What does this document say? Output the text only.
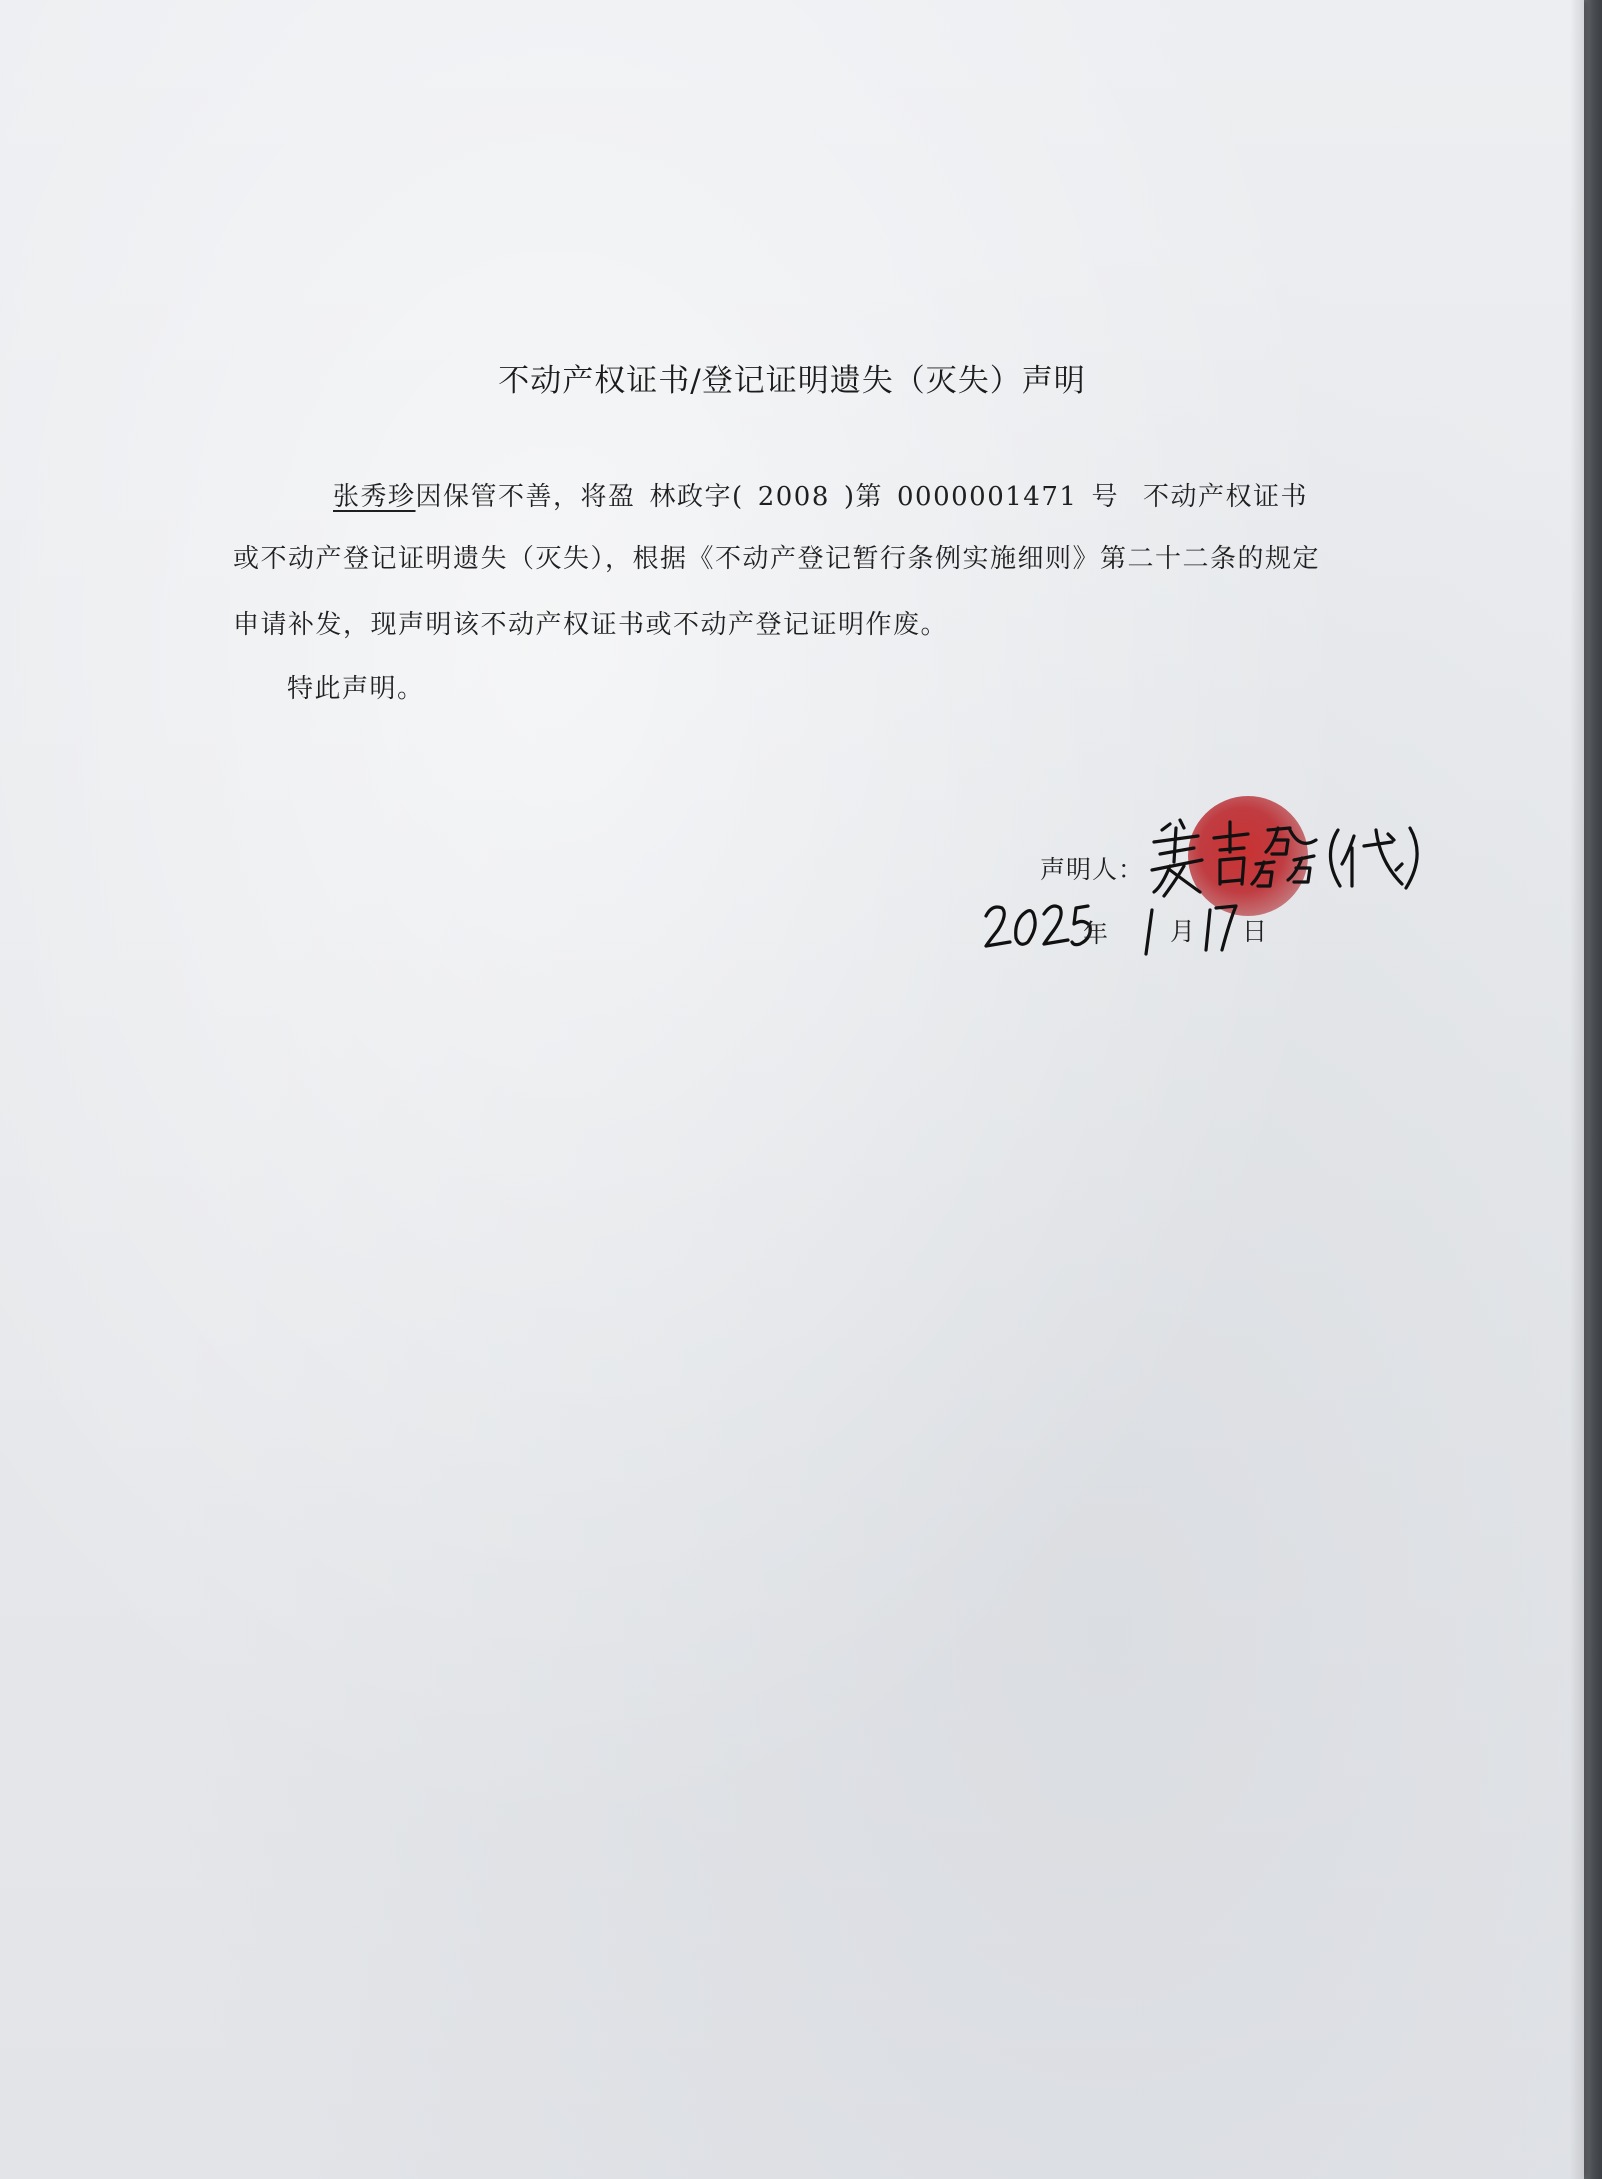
不动产权证书/登记证明遗失（灭失）声明
张秀珍因保管不善，将盈 林政字( 2008 )第 0000001471 号 不动产权证书
或不动产登记证明遗失（灭失），根据《不动产登记暂行条例实施细则》第二十二条的规定
申请补发，现声明该不动产权证书或不动产登记证明作废。
特此声明。
声明人：
年 月 日
